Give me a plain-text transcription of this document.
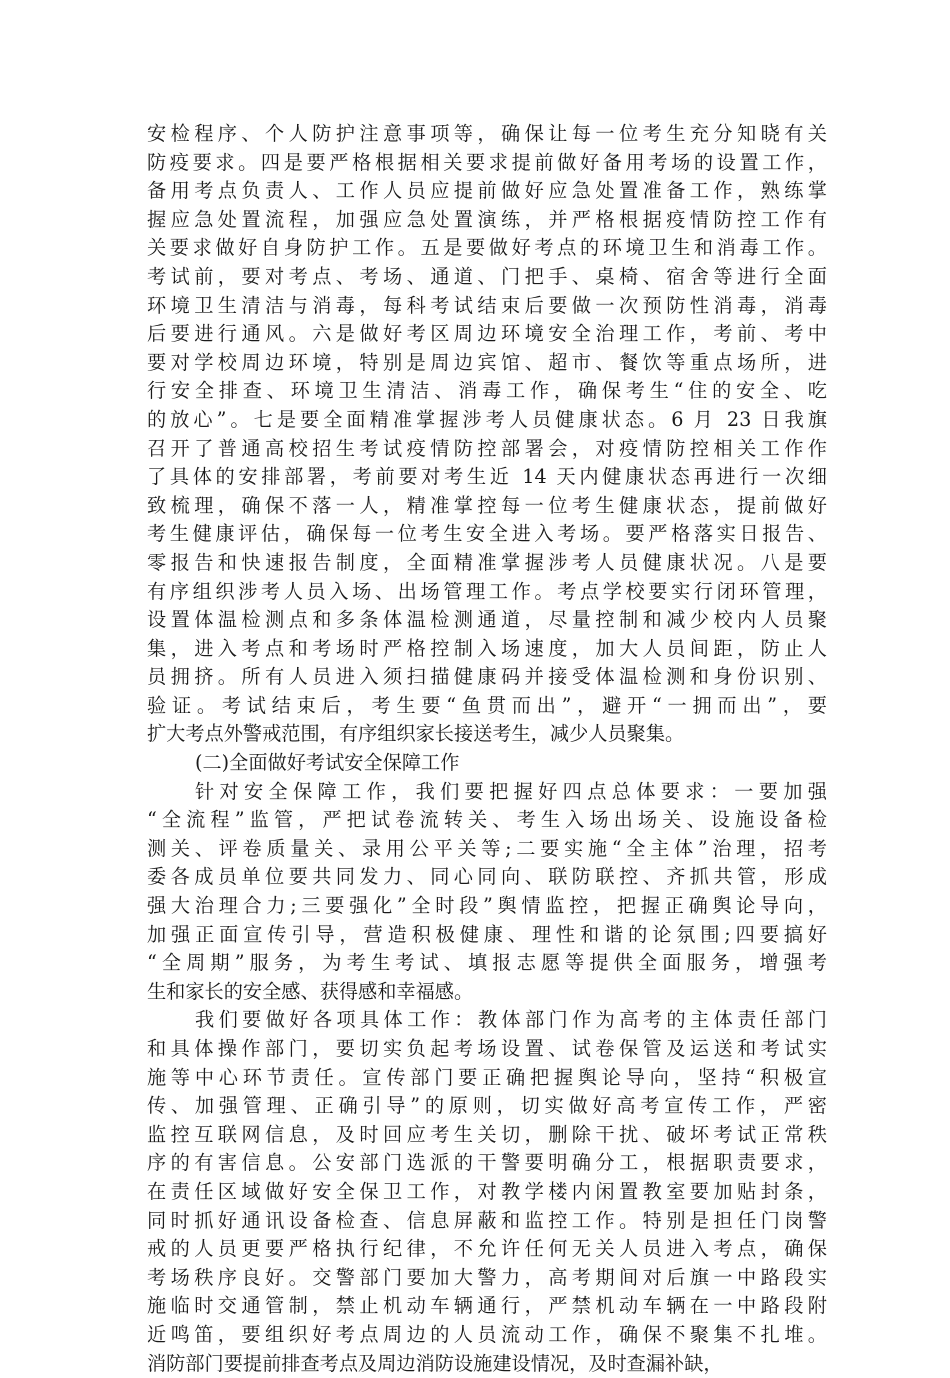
安检程序、个人防护注意事项等，确保让每一位考生充分知晓有关
防疫要求。四是要严格根据相关要求提前做好备用考场的设置工作，
备用考点负责人、工作人员应提前做好应急处置准备工作，熟练掌
握应急处置流程，加强应急处置演练，并严格根据疫情防控工作有
关要求做好自身防护工作。五是要做好考点的环境卫生和消毒工作。
考试前，要对考点、考场、通道、门把手、桌椅、宿舍等进行全面
环境卫生清洁与消毒，每科考试结束后要做一次预防性消毒，消毒
后要进行通风。六是做好考区周边环境安全治理工作，考前、考中
要对学校周边环境，特别是周边宾馆、超市、餐饮等重点场所，进
行安全排查、环境卫生清洁、消毒工作，确保考生“住的安全、吃
的放心”。七是要全面精准掌握涉考人员健康状态。6 月 23 日我旗
召开了普通高校招生考试疫情防控部署会，对疫情防控相关工作作
了具体的安排部署，考前要对考生近 14 天内健康状态再进行一次细
致梳理，确保不落一人，精准掌控每一位考生健康状态，提前做好
考生健康评估，确保每一位考生安全进入考场。要严格落实日报告、
零报告和快速报告制度，全面精准掌握涉考人员健康状况。八是要
有序组织涉考人员入场、出场管理工作。考点学校要实行闭环管理，
设置体温检测点和多条体温检测通道，尽量控制和减少校内人员聚
集，进入考点和考场时严格控制入场速度，加大人员间距，防止人
员拥挤。所有人员进入须扫描健康码并接受体温检测和身份识别、
验证。考试结束后，考生要“鱼贯而出”，避开“一拥而出”，要
扩大考点外警戒范围，有序组织家长接送考生，减少人员聚集。
(二)全面做好考试安全保障工作
针对安全保障工作，我们要把握好四点总体要求：一要加强
“全流程”监管，严把试卷流转关、考生入场出场关、设施设备检
测关、评卷质量关、录用公平关等;二要实施“全主体”治理，招考
委各成员单位要共同发力、同心同向、联防联控、齐抓共管，形成
强大治理合力;三要强化”全时段”舆情监控，把握正确舆论导向，
加强正面宣传引导，营造积极健康、理性和谐的论氛围;四要搞好
“全周期”服务，为考生考试、填报志愿等提供全面服务，增强考
生和家长的安全感、获得感和幸福感。
我们要做好各项具体工作：教体部门作为高考的主体责任部门
和具体操作部门，要切实负起考场设置、试卷保管及运送和考试实
施等中心环节责任。宣传部门要正确把握舆论导向，坚持“积极宣
传、加强管理、正确引导”的原则，切实做好高考宣传工作，严密
监控互联网信息，及时回应考生关切，删除干扰、破坏考试正常秩
序的有害信息。公安部门选派的干警要明确分工，根据职责要求，
在责任区域做好安全保卫工作，对教学楼内闲置教室要加贴封条，
同时抓好通讯设备检查、信息屏蔽和监控工作。特别是担任门岗警
戒的人员更要严格执行纪律，不允许任何无关人员进入考点，确保
考场秩序良好。交警部门要加大警力，高考期间对后旗一中路段实
施临时交通管制，禁止机动车辆通行，严禁机动车辆在一中路段附
近鸣笛，要组织好考点周边的人员流动工作，确保不聚集不扎堆。
消防部门要提前排查考点及周边消防设施建设情况，及时查漏补缺，
